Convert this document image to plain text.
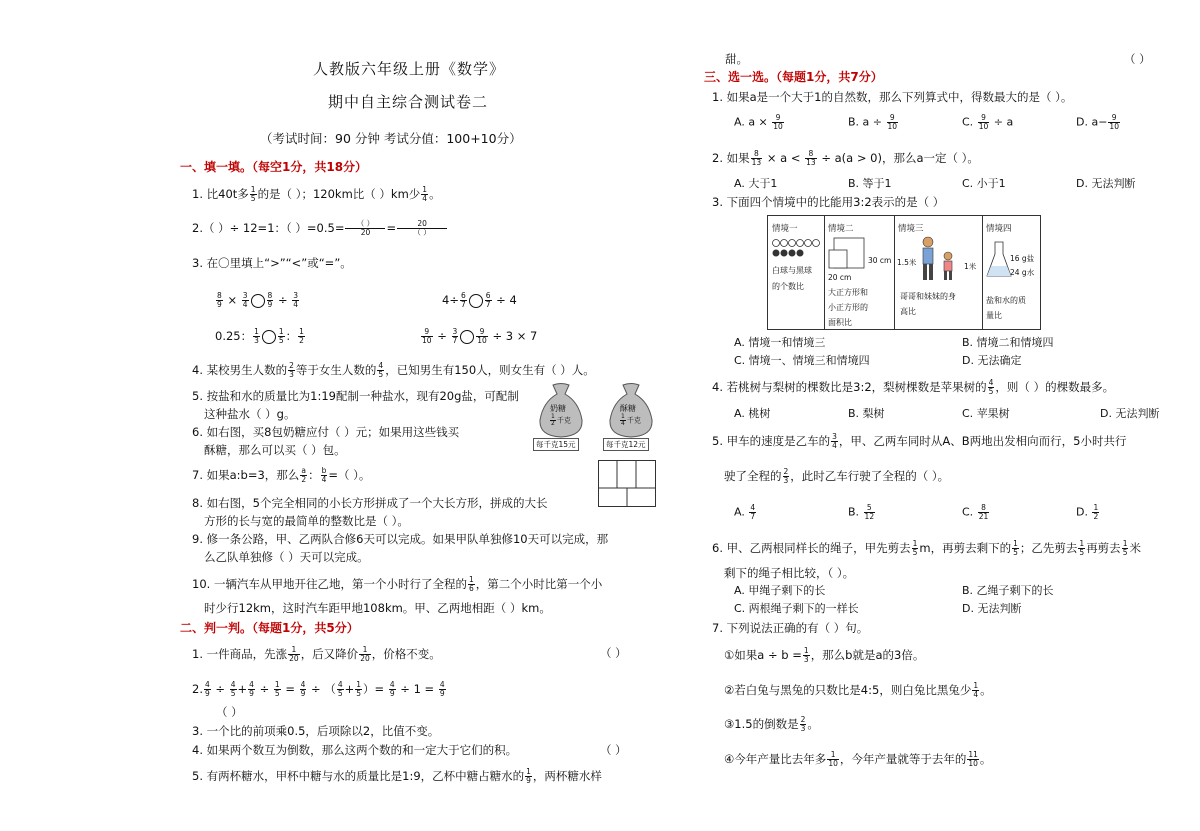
人教版六年级上册《数学》
期中自主综合测试卷二
（考试时间：90 分钟 考试分值：100+10分）
一、填一填。（每空1分，共18分）
1. 比40t多 $\frac{1}{5}$ 的是（ ）；120km比（ ）km少 $\frac{1}{4}$ 。
2.（ ）÷ 12=1：（ ）$=0.5= \frac{( )}{20} = \frac{20}{( )}$
3. 在〇里填上“>”“<”或“=”。
$\frac{8}{9} \times \frac{3}{4} \frac{8}{9} \div \frac{3}{4}$	$4\div \frac{6}{7} \frac{6}{7} \div 4$
0.25： $\frac{1}{3} \frac{1}{5}$ ： $\frac{1}{2}$	$\frac{9}{10} \div \frac{3}{7} \frac{9}{10} \div 3 \times 7$
4. 某校男生人数的 $\frac{2}{3}$ 等于女生人数的 $\frac{4}{5}$ ，已知男生有150人，则女生有（ ）人。
5. 按盐和水的质量比为1:19配制一种盐水，现有20g盐，可配制
这种盐水（ ）g。
6. 如右图，买8包奶糖应付（ ）元；如果用这些钱买
酥糖，那么可以买（ ）包。
奶糖
$\frac{1}{2}$ 千克
每千克15元
酥糖
$\frac{1}{4}$ 千克
每千克12元
7. 如果a:b=3，那么 $\frac{a}{2}$ ： $\frac{b}{4}$ =（ ）。
8. 如右图，5个完全相同的小长方形拼成了一个大长方形，拼成的大长
方形的长与宽的最简单的整数比是（ ）。
9. 修一条公路，甲、乙两队合修6天可以完成。如果甲队单独修10天可以完成，那
么乙队单独修（ ）天可以完成。
10. 一辆汽车从甲地开往乙地，第一个小时行了全程的 $\frac{1}{6}$ ，第二个小时比第一个小
时少行12km，这时汽车距甲地108km。甲、乙两地相距（ ）km。
二、判一判。（每题1分，共5分）
1. 一件商品，先涨 $\frac{1}{20}$ ，后又降价 $\frac{1}{20}$ ，价格不变。	（ ）
2. $\frac{4}{9} \div \frac{4}{5} + \frac{4}{9} \div \frac{1}{5} = \frac{4}{9}$ ÷ （ $\frac{4}{5} + \frac{1}{5}$ ）= $\frac{4}{9} \div 1 = \frac{4}{9}$
（ ）
3. 一个比的前项乘0.5，后项除以2，比值不变。
4. 如果两个数互为倒数，那么这两个数的和一定大于它们的积。	（ ）
5. 有两杯糖水，甲杯中糖与水的质量比是1:9，乙杯中糖占糖水的 $\frac{1}{9}$ ，两杯糖水样
甜。	（ ）
三、选一选。（每题1分，共7分）
1. 如果a是一个大于1的自然数，那么下列算式中，得数最大的是（ ）。
A. $a \times \frac{9}{10}$	B. $a \div \frac{9}{10}$	C. $\frac{9}{10} \div a$	D. $a- \frac{9}{10}$
2. 如果 $\frac{8}{13} \times a < \frac{8}{13} \div a(a > 0)$，那么a一定（ ）。
A. 大于1	B. 等于1	C. 小于1	D. 无法判断
3. 下面四个情境中的比能用3:2表示的是（ ）
情境一
白球与黑球
的个数比
情境二
30 cm
20 cm
大正方形和
小正方形的
面积比
情境三
1.5米	1米
哥哥和妹妹的身
高比
情境四
16 g盐
24 g水
盐和水的质
量比
A. 情境一和情境三	B. 情境二和情境四
C. 情境一、情境三和情境四	D. 无法确定
4. 若桃树与梨树的棵数比是3:2，梨树棵数是苹果树的 $\frac{4}{5}$ ，则（ ）的棵数最多。
A. 桃树	B. 梨树	C. 苹果树	D. 无法判断
5. 甲车的速度是乙车的 $\frac{3}{4}$ ，甲、乙两车同时从A、B两地出发相向而行，5小时共行
驶了全程的 $\frac{2}{3}$ ，此时乙车行驶了全程的（ ）。
A. $\frac{4}{7}$	B. $\frac{5}{12}$	C. $\frac{8}{21}$	D. $\frac{1}{2}$
6. 甲、乙两根同样长的绳子，甲先剪去 $\frac{1}{5}$ m，再剪去剩下的 $\frac{1}{5}$ ；乙先剪去 $\frac{1}{5}$ 再剪去 $\frac{1}{5}$ 米
剩下的绳子相比较，（ ）。
A. 甲绳子剩下的长	B. 乙绳子剩下的长
C. 两根绳子剩下的一样长	D. 无法判断
7. 下列说法正确的有（ ）句。
①如果$a \div b = \frac{1}{3}$ ，那么b就是a的3倍。
②若白兔与黑兔的只数比是4:5，则白兔比黑兔少 $\frac{1}{4}$ 。
③1.5的倒数是 $\frac{2}{3}$ 。
④今年产量比去年多 $\frac{1}{10}$ ，今年产量就等于去年的 $\frac{11}{10}$ 。
